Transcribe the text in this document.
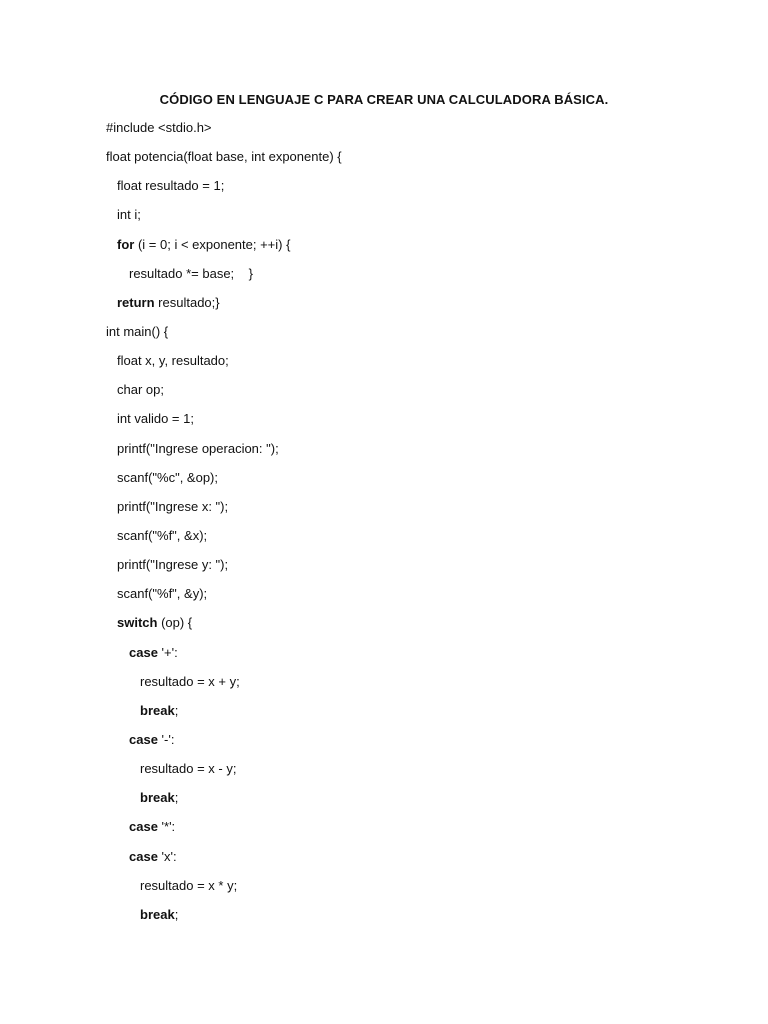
CÓDIGO EN LENGUAJE C PARA CREAR UNA CALCULADORA BÁSICA.
#include <stdio.h>
float potencia(float base, int exponente) {
float resultado = 1;
int i;
for (i = 0; i < exponente; ++i) {
resultado *= base;    }
return resultado;}
int main() {
float x, y, resultado;
char op;
int valido = 1;
printf("Ingrese operacion: ");
scanf("%c", &op);
printf("Ingrese x: ");
scanf("%f", &x);
printf("Ingrese y: ");
scanf("%f", &y);
switch (op) {
case '+':
resultado = x + y;
break;
case '-':
resultado = x - y;
break;
case '*':
case 'x':
resultado = x * y;
break;
